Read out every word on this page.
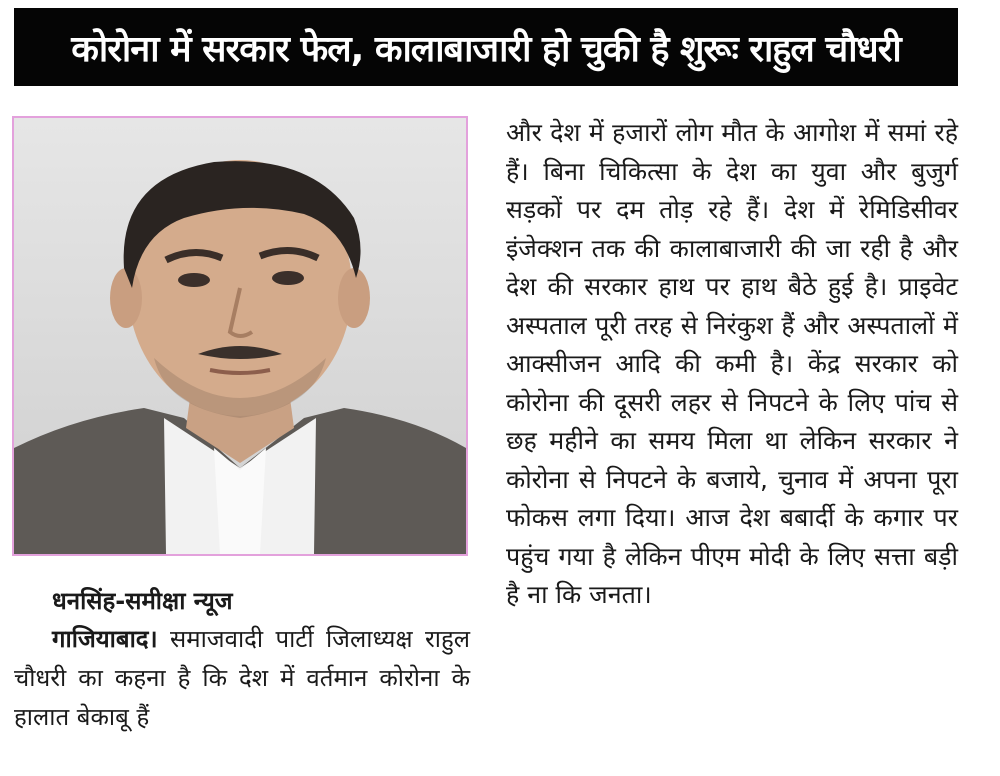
कोरोना में सरकार फेल, कालाबाजारी हो चुकी है शुरूः राहुल चौधरी
धनसिंह-समीक्षा न्यूज
गाजियाबाद। समाजवादी पार्टी जिलाध्यक्ष राहुल चौधरी का कहना है कि देश में वर्तमान कोरोना के हालात बेकाबू हैं
और देश में हजारों लोग मौत के आगोश में समां रहे हैं। बिना चिकित्सा के देश का युवा और बुजुर्ग सड़कों पर दम तोड़ रहे हैं। देश में रेमिडिसीवर इंजेक्शन तक की कालाबाजारी की जा रही है और देश की सरकार हाथ पर हाथ बैठे हुई है। प्राइवेट अस्पताल पूरी तरह से निरंकुश हैं और अस्पतालों में आक्सीजन आदि की कमी है। केंद्र सरकार को कोरोना की दूसरी लहर से निपटने के लिए पांच से छह महीने का समय मिला था लेकिन सरकार ने कोरोना से निपटने के बजाये, चुनाव में अपना पूरा फोकस लगा दिया। आज देश बबार्दी के कगार पर पहुंच गया है लेकिन पीएम मोदी के लिए सत्ता बड़ी है ना कि जनता।
